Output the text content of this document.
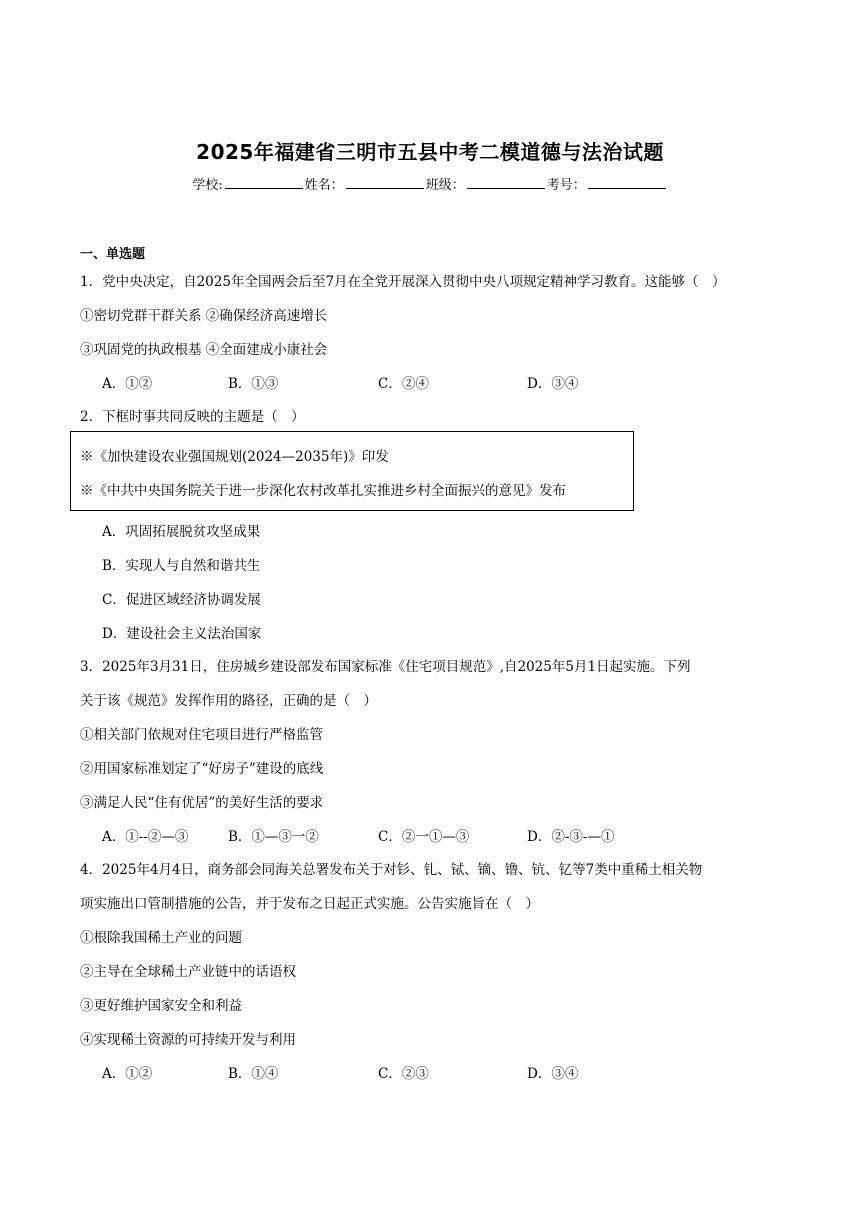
2025年福建省三明市五县中考二模道德与法治试题
学校:	姓名：	班级：	考号：
一、单选题
1．党中央决定，自2025年全国两会后至7月在全党开展深入贯彻中央八项规定精神学习教育。这能够（　）
①密切党群干群关系 ②确保经济高速增长
③巩固党的执政根基 ④全面建成小康社会
A．①②	B．①③	C．②④	D．③④
2．下框时事共同反映的主题是（　）
※《加快建设农业强国规划(2024—2035年)》印发
※《中共中央国务院关于进一步深化农村改革扎实推进乡村全面振兴的意见》发布
A．巩固拓展脱贫攻坚成果
B．实现人与自然和谐共生
C．促进区域经济协调发展
D．建设社会主义法治国家
3．2025年3月31日，住房城乡建设部发布国家标准《住宅项目规范》,自2025年5月1日起实施。下列
关于该《规范》发挥作用的路径，正确的是（　）
①相关部门依规对住宅项目进行严格监管
②用国家标准划定了“好房子”建设的底线
③满足人民“住有优居”的美好生活的要求
A．①--②—③	B．①—③一②	C．②一①—③	D．②-③-—①
4．2025年4月4日，商务部会同海关总署发布关于对钐、钆、铽、镝、镥、钪、钇等7类中重稀土相关物
项实施出口管制措施的公告，并于发布之日起正式实施。公告实施旨在（　）
①根除我国稀土产业的问题
②主导在全球稀土产业链中的话语权
③更好维护国家安全和利益
④实现稀土资源的可持续开发与利用
A．①②	B．①④	C．②③	D．③④
